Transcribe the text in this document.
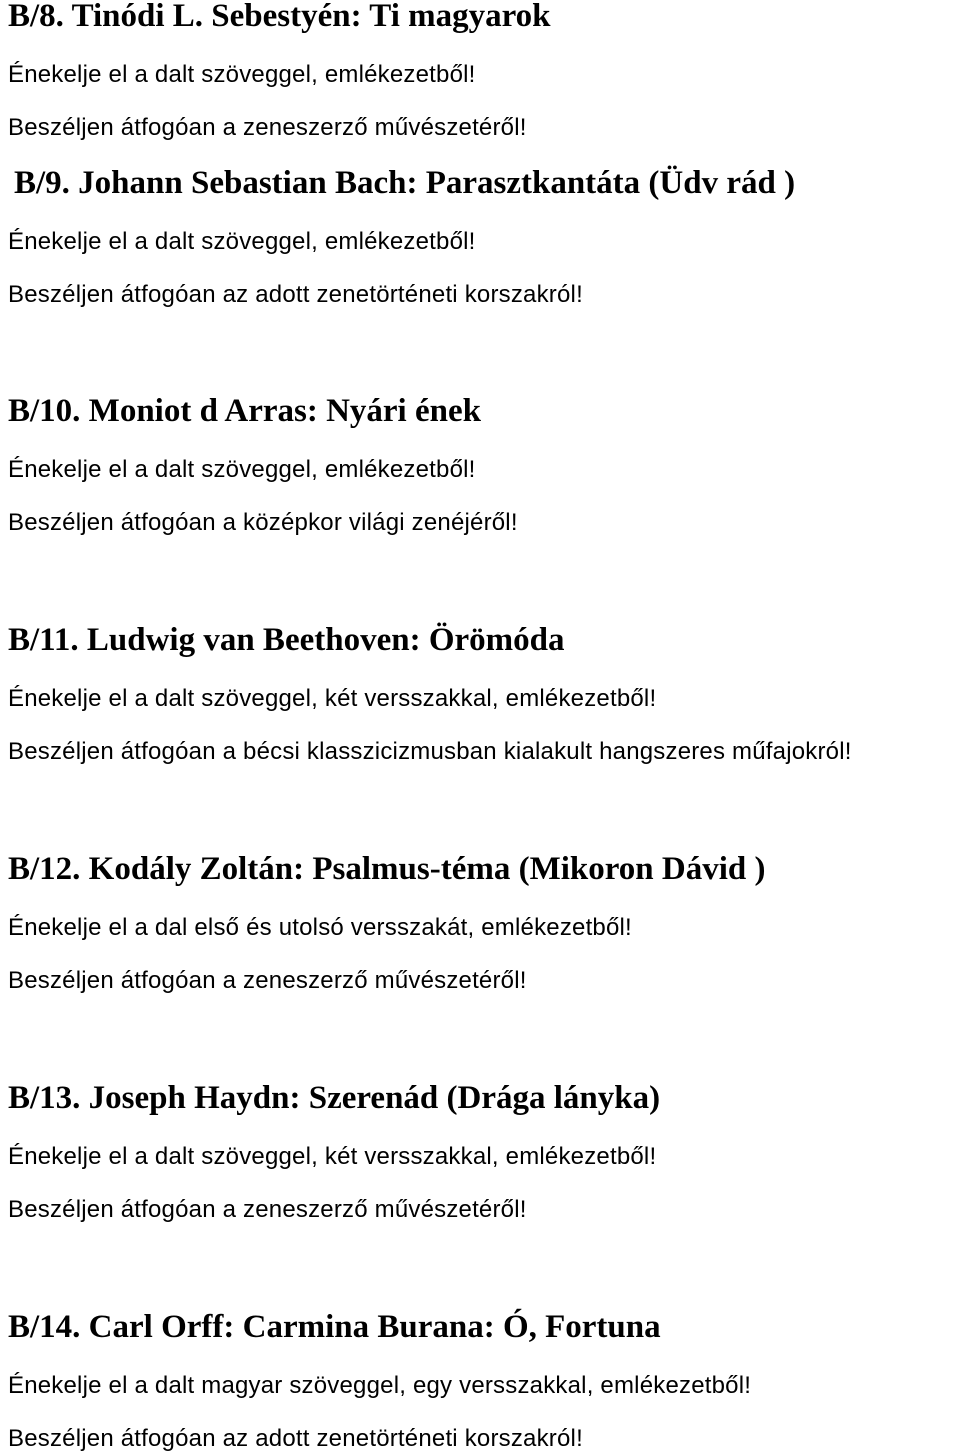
B/8. Tinódi L. Sebestyén: Ti magyarok
Énekelje el a dalt szöveggel, emlékezetből!
Beszéljen átfogóan a zeneszerző művészetéről!
B/9. Johann Sebastian Bach: Parasztkantáta (Üdv rád )
Énekelje el a dalt szöveggel, emlékezetből!
Beszéljen átfogóan az adott zenetörténeti korszakról!
B/10. Moniot d Arras: Nyári ének
Énekelje el a dalt szöveggel, emlékezetből!
Beszéljen átfogóan a középkor világi zenéjéről!
B/11. Ludwig van Beethoven: Örömóda
Énekelje el a dalt szöveggel, két versszakkal, emlékezetből!
Beszéljen átfogóan a bécsi klasszicizmusban kialakult hangszeres műfajokról!
B/12. Kodály Zoltán: Psalmus-téma (Mikoron Dávid )
Énekelje el a dal első és utolsó versszakát, emlékezetből!
Beszéljen átfogóan a zeneszerző művészetéről!
B/13. Joseph Haydn: Szerenád (Drága lányka)
Énekelje el a dalt szöveggel, két versszakkal, emlékezetből!
Beszéljen átfogóan a zeneszerző művészetéről!
B/14. Carl Orff: Carmina Burana: Ó, Fortuna
Énekelje el a dalt magyar szöveggel, egy versszakkal, emlékezetből!
Beszéljen átfogóan az adott zenetörténeti korszakról!
